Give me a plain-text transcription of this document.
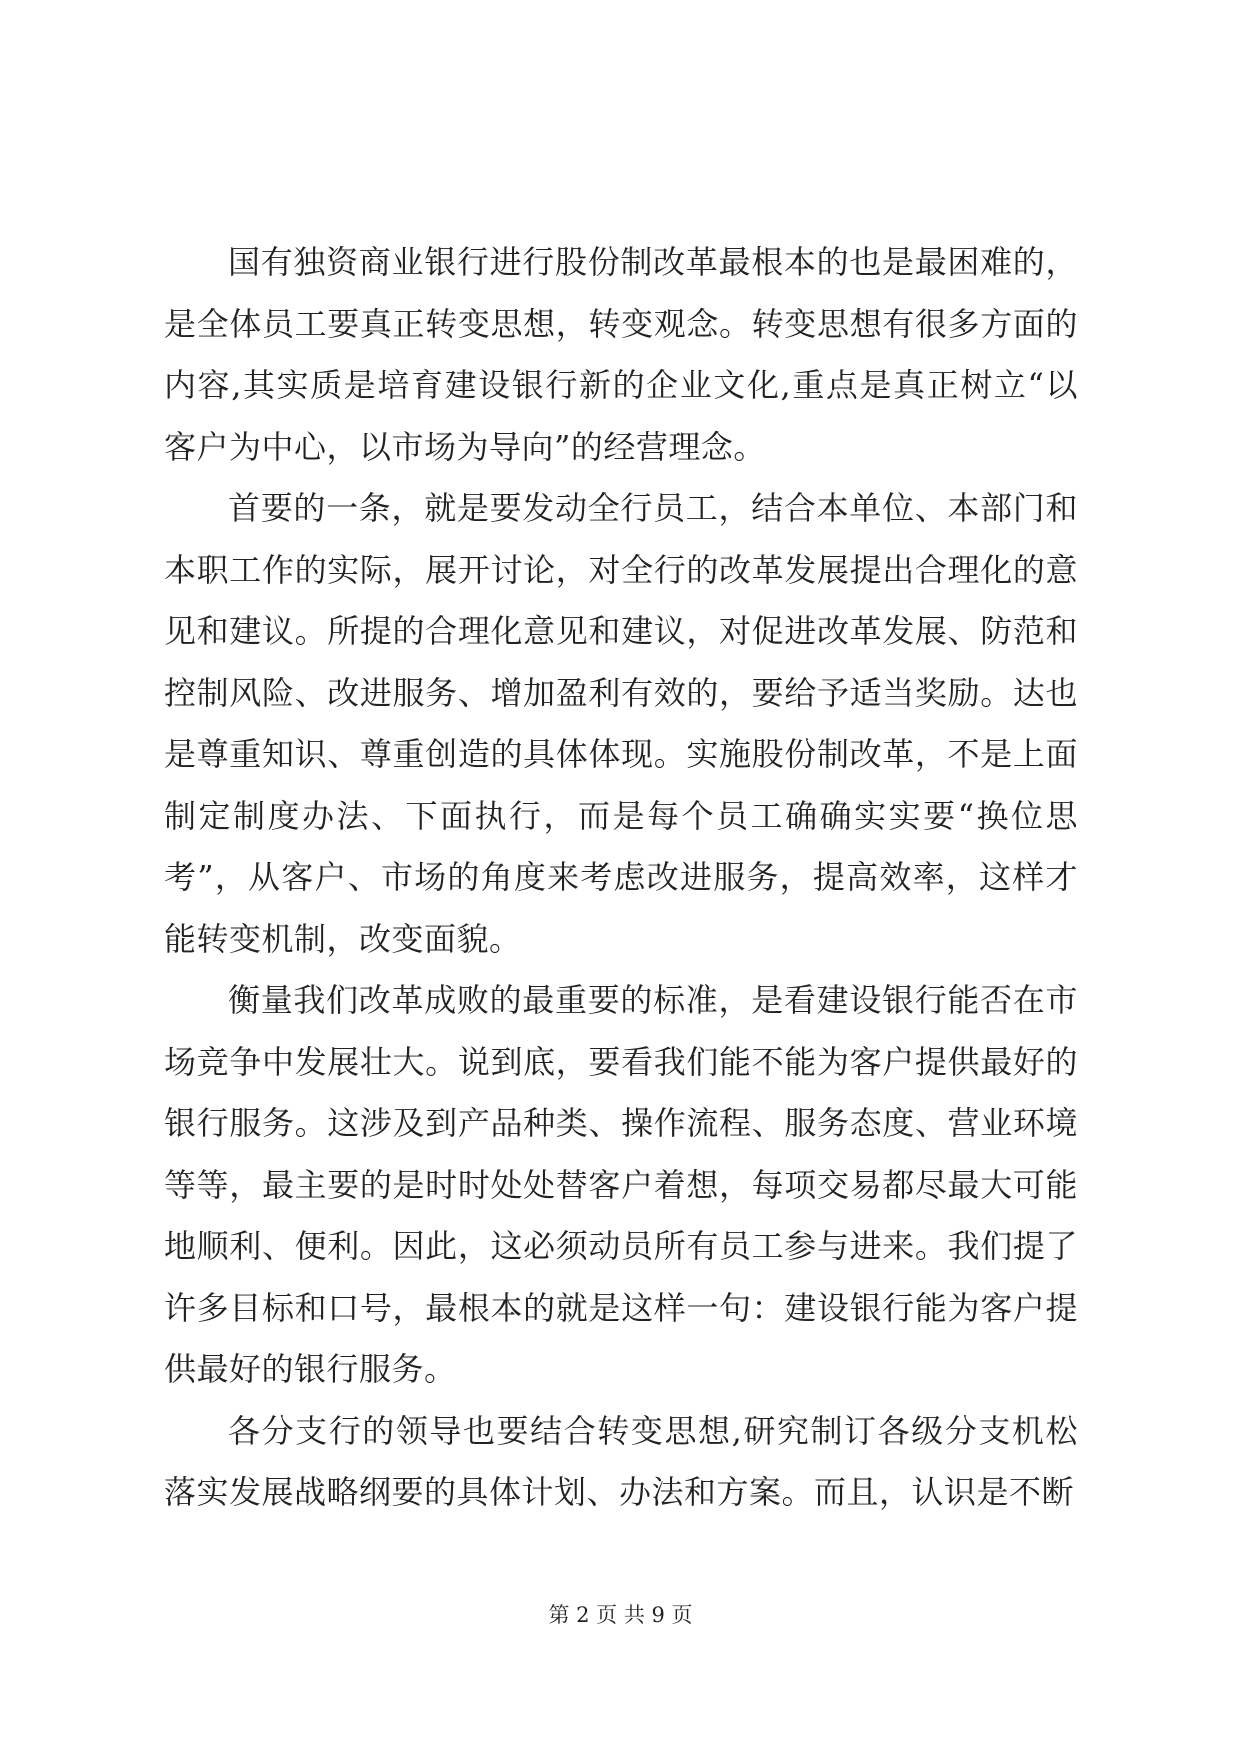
国有独资商业银行进行股份制改革最根本的也是最困难的，是全体员工要真正转变思想，转变观念。转变思想有很多方面的内容,其实质是培育建设银行新的企业文化,重点是真正树立“以客户为中心，以市场为导向”的经营理念。

首要的一条，就是要发动全行员工，结合本单位、本部门和本职工作的实际，展开讨论，对全行的改革发展提出合理化的意见和建议。所提的合理化意见和建议，对促进改革发展、防范和控制风险、改进服务、增加盈利有效的，要给予适当奖励。达也是尊重知识、尊重创造的具体体现。实施股份制改革，不是上面制定制度办法、下面执行，而是每个员工确确实实要“换位思考”，从客户、市场的角度来考虑改进服务，提高效率，这样才能转变机制，改变面貌。

衡量我们改革成败的最重要的标准，是看建设银行能否在市场竞争中发展壮大。说到底，要看我们能不能为客户提供最好的银行服务。这涉及到产品种类、操作流程、服务态度、营业环境等等，最主要的是时时处处替客户着想，每项交易都尽最大可能地顺利、便利。因此，这必须动员所有员工参与进来。我们提了许多目标和口号，最根本的就是这样一句：建设银行能为客户提供最好的银行服务。

各分支行的领导也要结合转变思想,研究制订各级分支机松落实发展战略纲要的具体计划、办法和方案。而且，认识是不断

第 2 页 共 9 页
